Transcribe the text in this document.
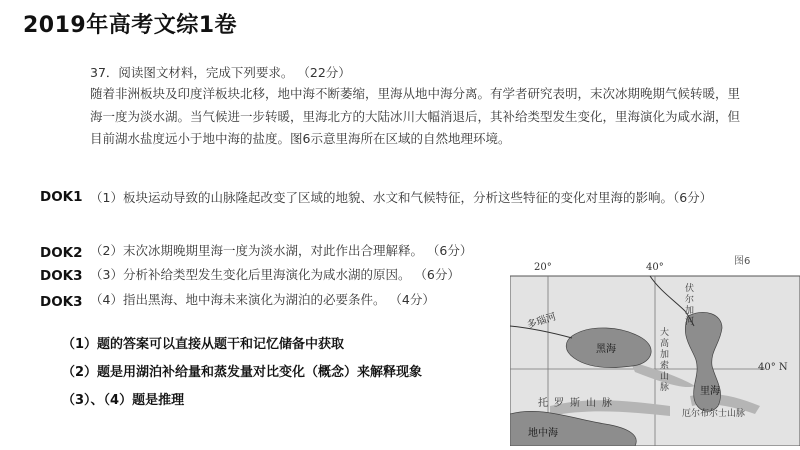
2019年高考文综1卷
37．阅读图文材料，完成下列要求。 （22分）

随着非洲板块及印度洋板块北移，地中海不断萎缩，里海从地中海分离。有学者研究表明，末次冰期晚期气候转暖，里海一度为淡水湖。当气候进一步转暖，里海北方的大陆冰川大幅消退后，其补给类型发生变化，里海演化为咸水湖，但目前湖水盐度远小于地中海的盐度。图6示意里海所在区域的自然地理环境。

DOK1 （1）板块运动导致的山脉隆起改变了区域的地貌、水文和气候特征，分析这些特征的变化对里海的影响。（6分）
DOK2 （2）末次冰期晚期里海一度为淡水湖，对此作出合理解释。 （6分）
DOK3 （3）分析补给类型发生变化后里海演化为咸水湖的原因。 （6分）
DOK3 （4）指出黑海、地中海未来演化为湖泊的必要条件。 （4分）
（1）题的答案可以直接从题干和记忆储备中获取
（2）题是用湖泊补给量和蒸发量对比变化（概念）来解释现象
（3）、（4）题是推理
图6
20°	40°
40° N
伏尔加河
多瑙河
黑海
大高加索山脉	里海
托罗斯山脉
厄尔布尔士山脉
地中海
